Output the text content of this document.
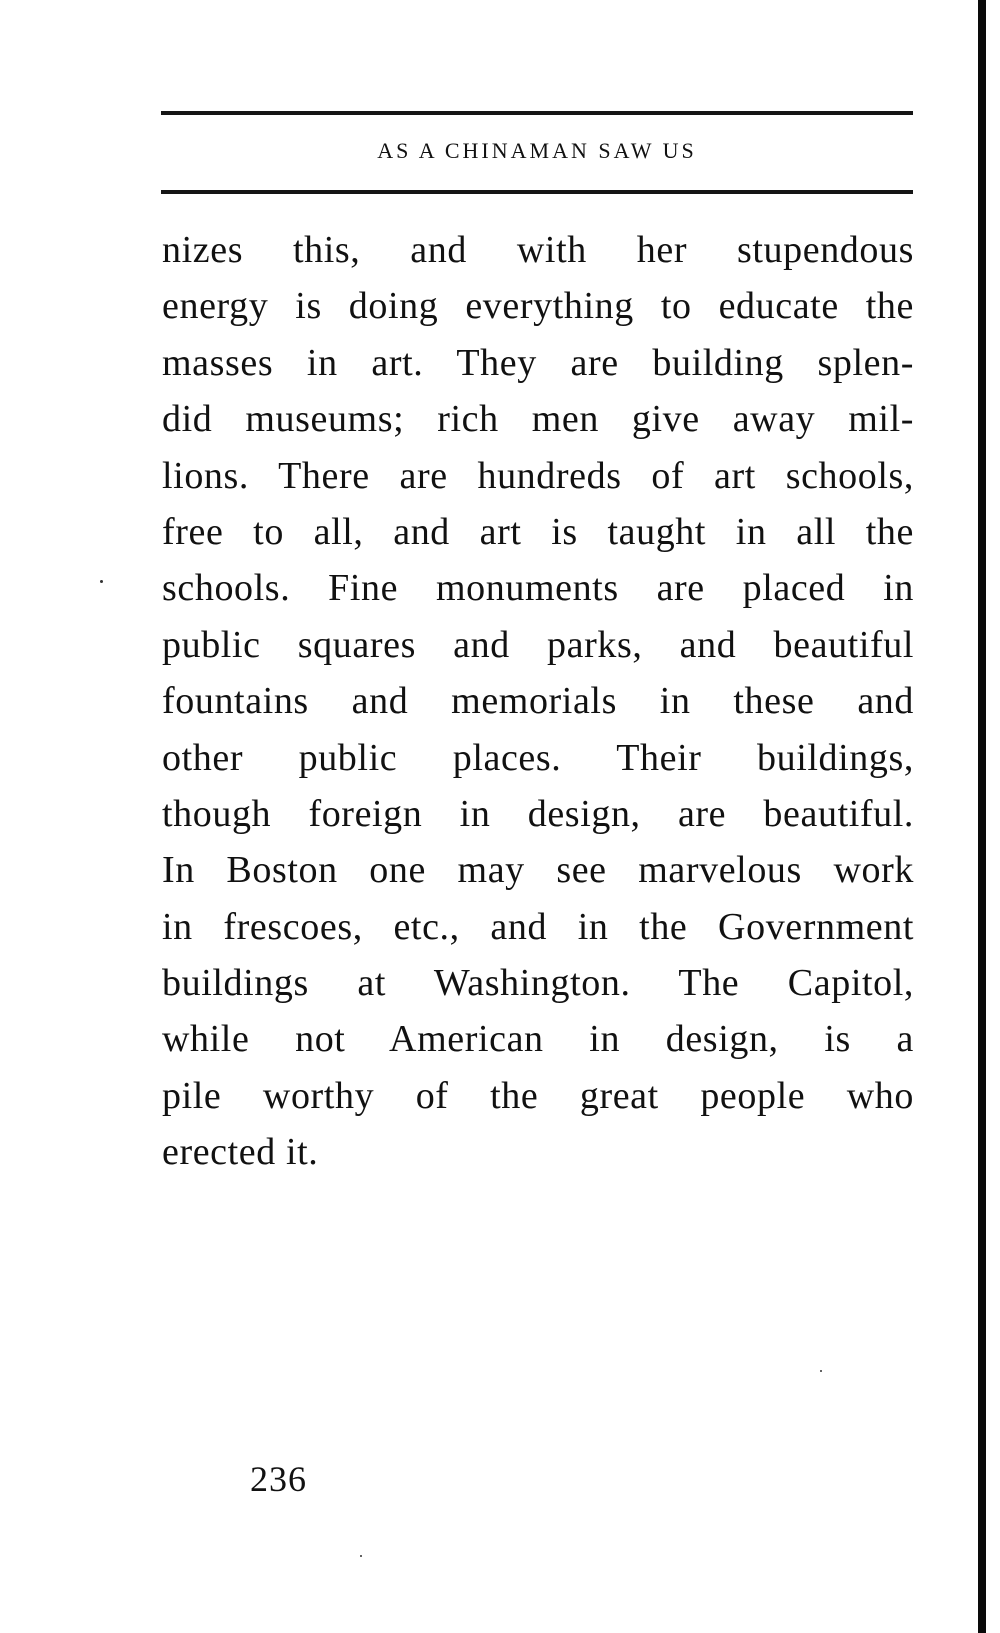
AS A CHINAMAN SAW US
nizes this, and with her stupendous
energy is doing everything to educate the
masses in art. They are building splen-
did museums; rich men give away mil-
lions. There are hundreds of art schools,
free to all, and art is taught in all the
schools. Fine monuments are placed in
public squares and parks, and beautiful
fountains and memorials in these and
other public places. Their buildings,
though foreign in design, are beautiful.
In Boston one may see marvelous work
in frescoes, etc., and in the Government
buildings at Washington. The Capitol,
while not American in design, is a
pile worthy of the great people who
erected it.
236
